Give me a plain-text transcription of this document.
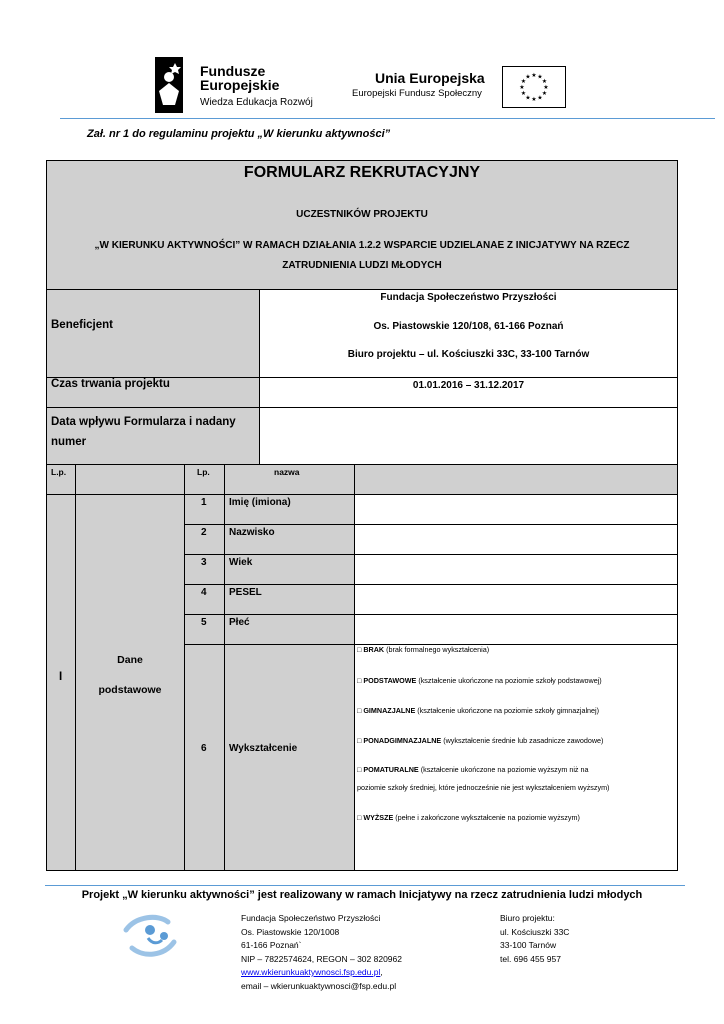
Fundusze
Europejskie
Wiedza Edukacja Rozwój
Unia Europejska
Europejski Fundusz Społeczny
★ ★
★
★
★
★
★
★
★
★
★
★
Zał. nr 1 do regulaminu projektu „W kierunku aktywności”
FORMULARZ REKRUTACYJNY
UCZESTNIKÓW PROJEKTU
„W KIERUNKU AKTYWNOŚCI” W RAMACH DZIAŁANIA 1.2.2 WSPARCIE UDZIELANAE Z INICJATYWY NA RZECZ
ZATRUDNIENIA LUDZI MŁODYCH
Beneficjent
Fundacja Społeczeństwo Przyszłości
Os. Piastowskie 120/108, 61-166 Poznań
Biuro projektu – ul. Kościuszki 33C, 33-100 Tarnów
Czas trwania projektu	01.01.2016 – 31.12.2017
Data wpływu Formularza i nadany
numer
L.p.	Lp.	nazwa
I
Dane
podstawowe
1 Imię (imiona)
2 Nazwisko
3 Wiek
4 PESEL
5 Płeć
6 Wykształcenie
□ BRAK (brak formalnego wykształcenia)
□ PODSTAWOWE (kształcenie ukończone na poziomie szkoły podstawowej)
□ GIMNAZJALNE (kształcenie ukończone na poziomie szkoły gimnazjalnej)
□ PONADGIMNAZJALNE (wykształcenie średnie lub zasadnicze zawodowe)
□ POMATURALNE (kształcenie ukończone na poziomie wyższym niż na
poziomie szkoły średniej, które jednocześnie nie jest wykształceniem wyższym)
□ WYŻSZE (pełne i zakończone wykształcenie na poziomie wyższym)
Projekt „W kierunku aktywności” jest realizowany w ramach Inicjatywy na rzecz zatrudnienia ludzi młodych
Fundacja Społeczeństwo Przyszłości
Os. Piastowskie 120/1008
61-166 Poznań`
NIP – 7822574624, REGON – 302 820962
www.wkierunkuaktywnosci.fsp.edu.pl,
email – wkierunkuaktywnosci@fsp.edu.pl
Biuro projektu:
ul. Kościuszki 33C
33-100 Tarnów
tel. 696 455 957
